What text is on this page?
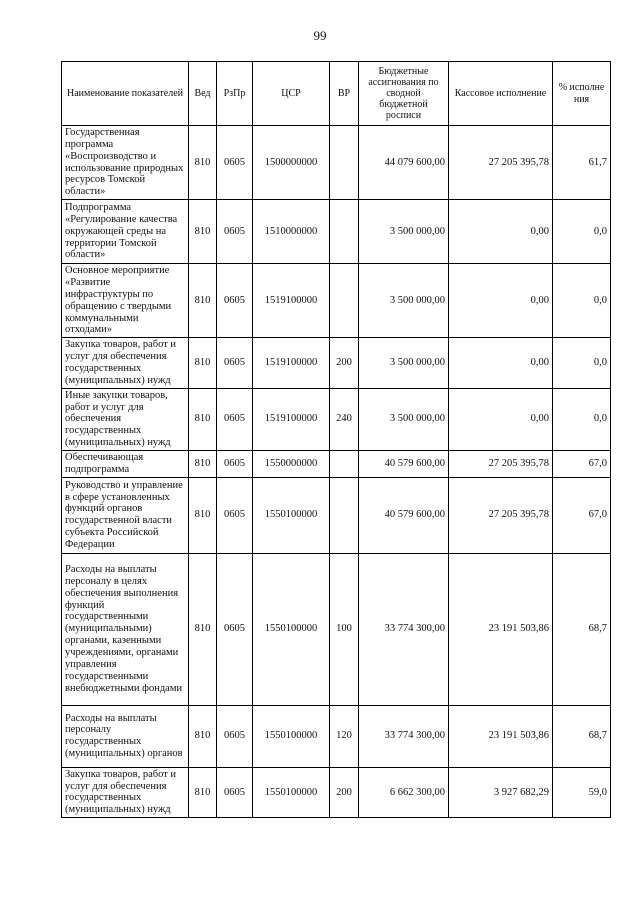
99
Наименование показателей	Вед	РзПр	ЦСР	ВР	Бюджетные ассигнования по сводной бюджетной росписи	Кассовое исполнение	% исполне ния
Государственная программа «Воспроизводство и использование природных ресурсов Томской области»	810	0605	1500000000		44 079 600,00	27 205 395,78	61,7
Подпрограмма «Регулирование качества окружающей среды на территории Томской области»	810	0605	1510000000		3 500 000,00	0,00	0,0
Основное мероприятие «Развитие инфраструктуры по обращению с твердыми коммунальными отходами»	810	0605	1519100000		3 500 000,00	0,00	0,0
Закупка товаров, работ и услуг для обеспечения государственных (муниципальных) нужд	810	0605	1519100000	200	3 500 000,00	0,00	0,0
Иные закупки товаров, работ и услуг для обеспечения государственных (муниципальных) нужд	810	0605	1519100000	240	3 500 000,00	0,00	0,0
Обеспечивающая подпрограмма	810	0605	1550000000		40 579 600,00	27 205 395,78	67,0
Руководство и управление в сфере установленных функций органов государственной власти субъекта Российской Федерации	810	0605	1550100000		40 579 600,00	27 205 395,78	67,0
Расходы на выплаты персоналу в целях обеспечения выполнения функций государственными (муниципальными) органами, казенными учреждениями, органами управления государственными внебюджетными фондами	810	0605	1550100000	100	33 774 300,00	23 191 503,86	68,7
Расходы на выплаты персоналу государственных (муниципальных) органов	810	0605	1550100000	120	33 774 300,00	23 191 503,86	68,7
Закупка товаров, работ и услуг для обеспечения государственных (муниципальных) нужд	810	0605	1550100000	200	6 662 300,00	3 927 682,29	59,0
